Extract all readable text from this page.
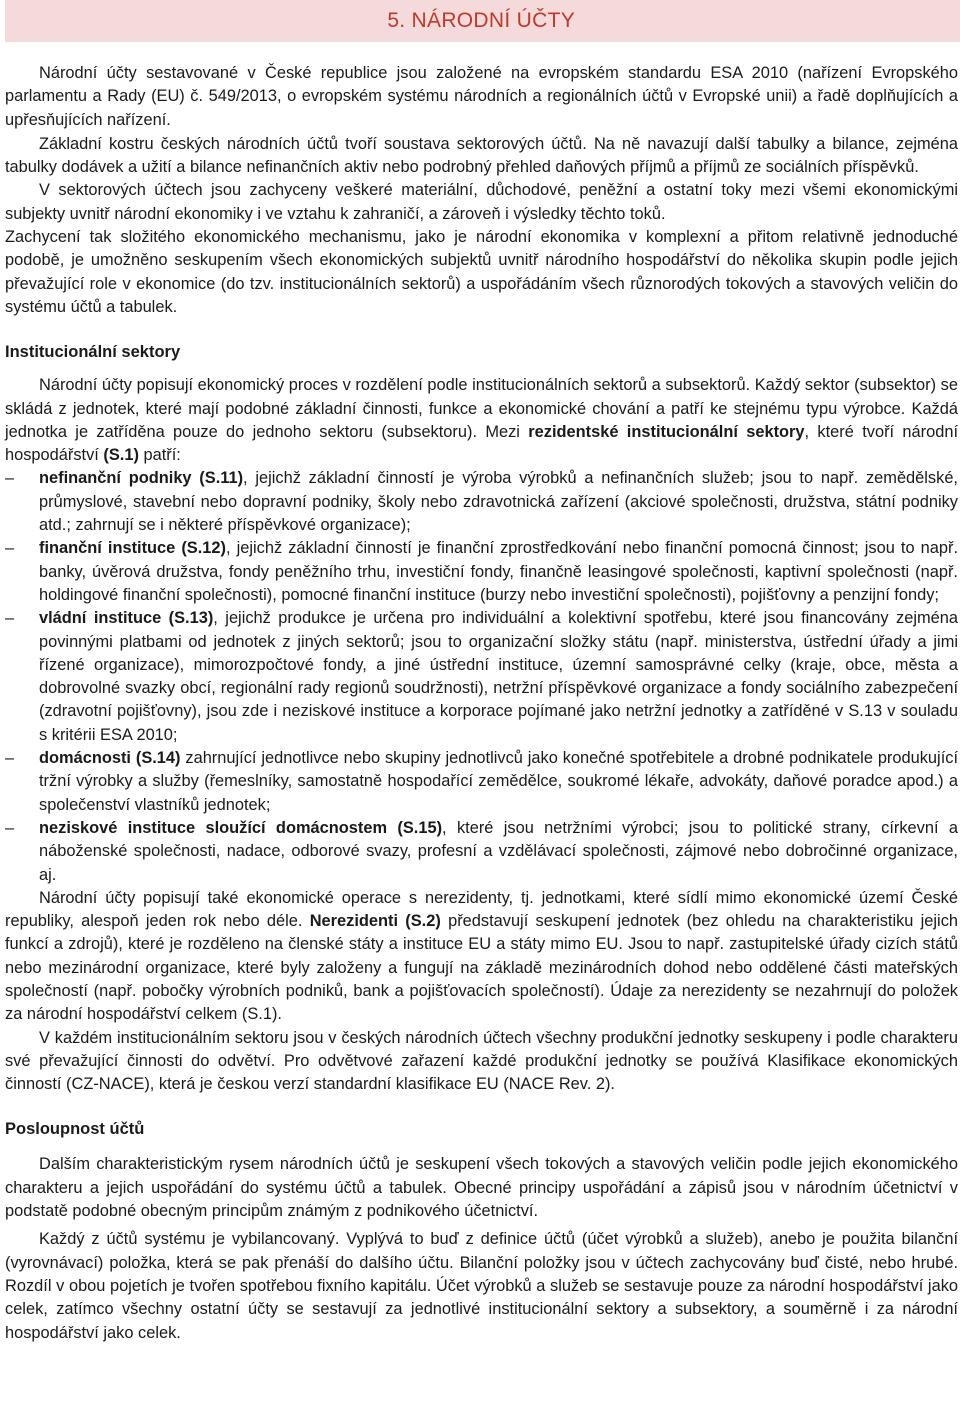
5. NÁRODNÍ ÚČTY

Národní účty sestavované v České republice jsou založené na evropském standardu ESA 2010 (nařízení Evropského parlamentu a Rady (EU) č. 549/2013, o evropském systému národních a regionálních účtů v Evropské unii) a řadě doplňujících a upřesňujících nařízení.

Základní kostru českých národních účtů tvoří soustava sektorových účtů. Na ně navazují další tabulky a bilance, zejména tabulky dodávek a užití a bilance nefinančních aktiv nebo podrobný přehled daňových příjmů a příjmů ze sociálních příspěvků.

V sektorových účtech jsou zachyceny veškeré materiální, důchodové, peněžní a ostatní toky mezi všemi ekonomickými subjekty uvnitř národní ekonomiky i ve vztahu k zahraničí, a zároveň i výsledky těchto toků.

Zachycení tak složitého ekonomického mechanismu, jako je národní ekonomika v komplexní a přitom relativně jednoduché podobě, je umožněno seskupením všech ekonomických subjektů uvnitř národního hospodářství do několika skupin podle jejich převažující role v ekonomice (do tzv. institucionálních sektorů) a uspořádáním všech různorodých tokových a stavových veličin do systému účtů a tabulek.

Institucionální sektory

Národní účty popisují ekonomický proces v rozdělení podle institucionálních sektorů a subsektorů. Každý sektor (subsektor) se skládá z jednotek, které mají podobné základní činnosti, funkce a ekonomické chování a patří ke stejnému typu výrobce. Každá jednotka je zatříděna pouze do jednoho sektoru (subsektoru). Mezi rezidentské institucionální sektory, které tvoří národní hospodářství (S.1) patří:

– nefinanční podniky (S.11), jejichž základní činností je výroba výrobků a nefinančních služeb; jsou to např. zemědělské, průmyslové, stavební nebo dopravní podniky, školy nebo zdravotnická zařízení (akciové společnosti, družstva, státní podniky atd.; zahrnují se i některé příspěvkové organizace);
– finanční instituce (S.12), jejichž základní činností je finanční zprostředkování nebo finanční pomocná činnost; jsou to např. banky, úvěrová družstva, fondy peněžního trhu, investiční fondy, finančně leasingové společnosti, kaptivní společnosti (např. holdingové finanční společnosti), pomocné finanční instituce (burzy nebo investiční společnosti), pojišťovny a penzijní fondy;
– vládní instituce (S.13), jejichž produkce je určena pro individuální a kolektivní spotřebu, které jsou financovány zejména povinnými platbami od jednotek z jiných sektorů; jsou to organizační složky státu (např. ministerstva, ústřední úřady a jimi řízené organizace), mimorozpočtové fondy, a jiné ústřední instituce, územní samosprávné celky (kraje, obce, města a dobrovolné svazky obcí, regionální rady regionů soudržnosti), netržní příspěvkové organizace a fondy sociálního zabezpečení (zdravotní pojišťovny), jsou zde i neziskové instituce a korporace pojímané jako netržní jednotky a zatříděné v S.13 v souladu s kritérii ESA 2010;
– domácnosti (S.14) zahrnující jednotlivce nebo skupiny jednotlivců jako konečné spotřebitele a drobné podnikatele produkující tržní výrobky a služby (řemeslníky, samostatně hospodařící zemědělce, soukromé lékaře, advokáty, daňové poradce apod.) a společenství vlastníků jednotek;
– neziskové instituce sloužící domácnostem (S.15), které jsou netržními výrobci; jsou to politické strany, církevní a náboženské společnosti, nadace, odborové svazy, profesní a vzdělávací společnosti, zájmové nebo dobročinné organizace, aj.

Národní účty popisují také ekonomické operace s nerezidenty, tj. jednotkami, které sídlí mimo ekonomické území České republiky, alespoň jeden rok nebo déle. Nerezidenti (S.2) představují seskupení jednotek (bez ohledu na charakteristiku jejich funkcí a zdrojů), které je rozděleno na členské státy a instituce EU a státy mimo EU. Jsou to např. zastupitelské úřady cizích států nebo mezinárodní organizace, které byly založeny a fungují na základě mezinárodních dohod nebo oddělené části mateřských společností (např. pobočky výrobních podniků, bank a pojišťovacích společností). Údaje za nerezidenty se nezahrnují do položek za národní hospodářství celkem (S.1).

V každém institucionálním sektoru jsou v českých národních účtech všechny produkční jednotky seskupeny i podle charakteru své převažující činnosti do odvětví. Pro odvětvové zařazení každé produkční jednotky se používá Klasifikace ekonomických činností (CZ-NACE), která je českou verzí standardní klasifikace EU (NACE Rev. 2).

Posloupnost účtů

Dalším charakteristickým rysem národních účtů je seskupení všech tokových a stavových veličin podle jejich ekonomického charakteru a jejich uspořádání do systému účtů a tabulek. Obecné principy uspořádání a zápisů jsou v národním účetnictví v podstatě podobné obecným principům známým z podnikového účetnictví.

Každý z účtů systému je vybilancovaný. Vyplývá to buď z definice účtů (účet výrobků a služeb), anebo je použita bilanční (vyrovnávací) položka, která se pak přenáší do dalšího účtu. Bilanční položky jsou v účtech zachycovány buď čisté, nebo hrubé. Rozdíl v obou pojetích je tvořen spotřebou fixního kapitálu. Účet výrobků a služeb se sestavuje pouze za národní hospodářství jako celek, zatímco všechny ostatní účty se sestavují za jednotlivé institucionální sektory a subsektory, a souměrně i za národní hospodářství jako celek.
